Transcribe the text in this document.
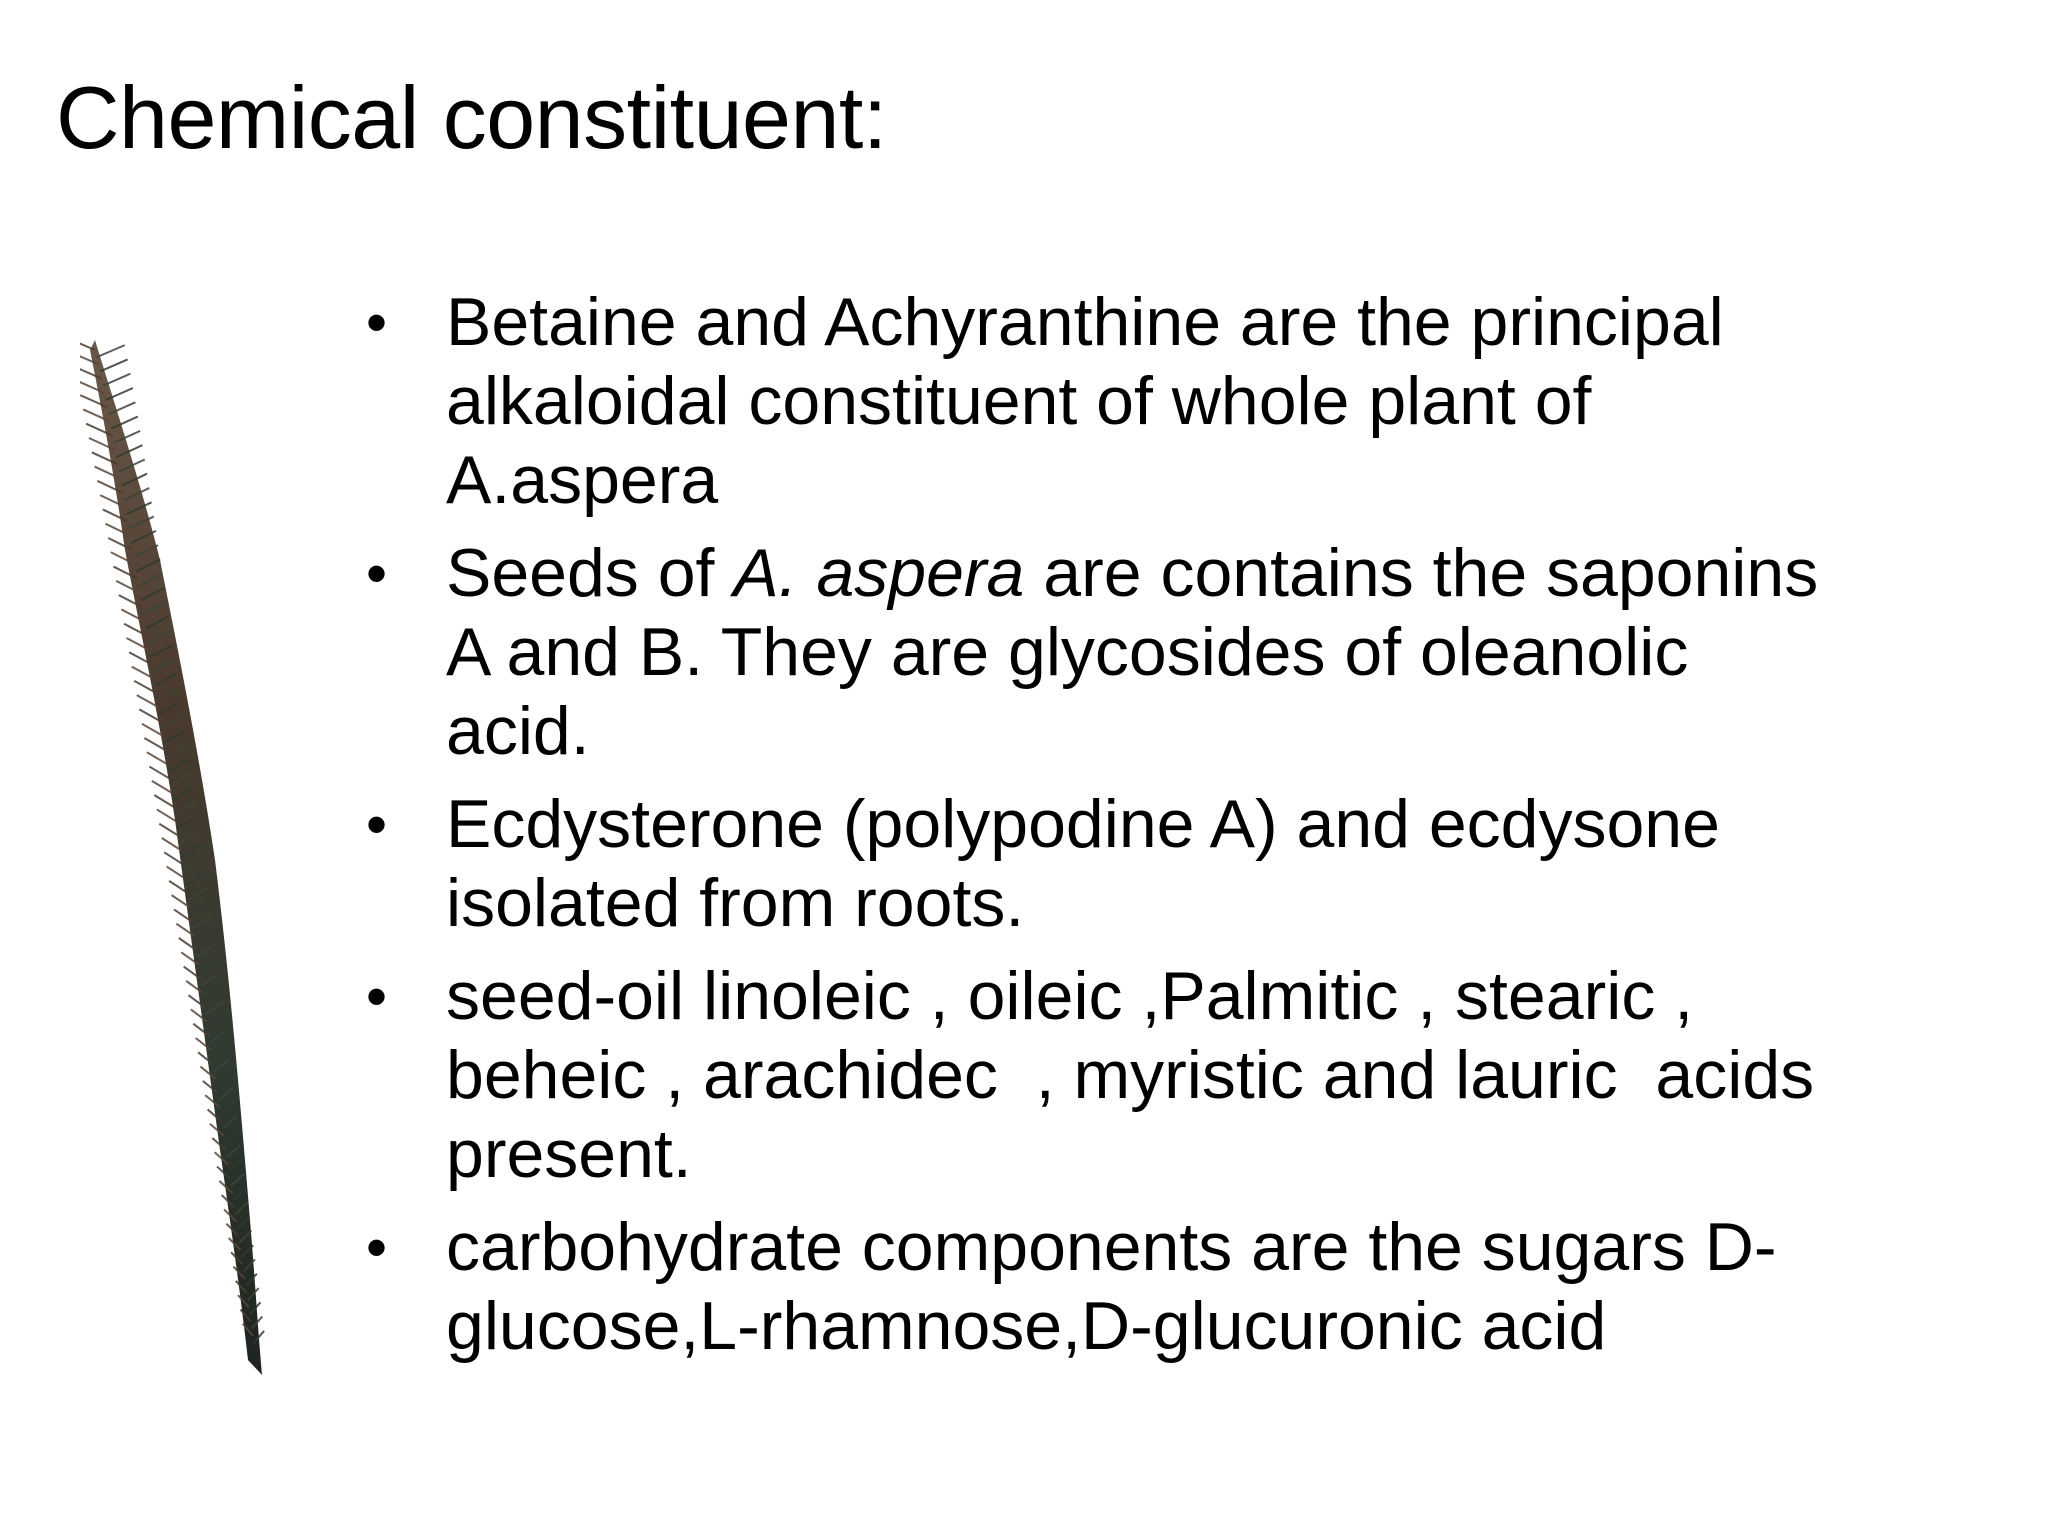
Chemical constituent:
• Betaine and Achyranthine are the principal
alkaloidal constituent of whole plant of
A.aspera
• Seeds of A. aspera are contains the saponins
A and B. They are glycosides of oleanolic
acid.
• Ecdysterone (polypodine A) and ecdysone
isolated from roots.
• seed-oil linoleic , oileic ,Palmitic , stearic ,
beheic , arachidec  , myristic and lauric  acids
present.
• carbohydrate components are the sugars D-
glucose,L-rhamnose,D-glucuronic acid
